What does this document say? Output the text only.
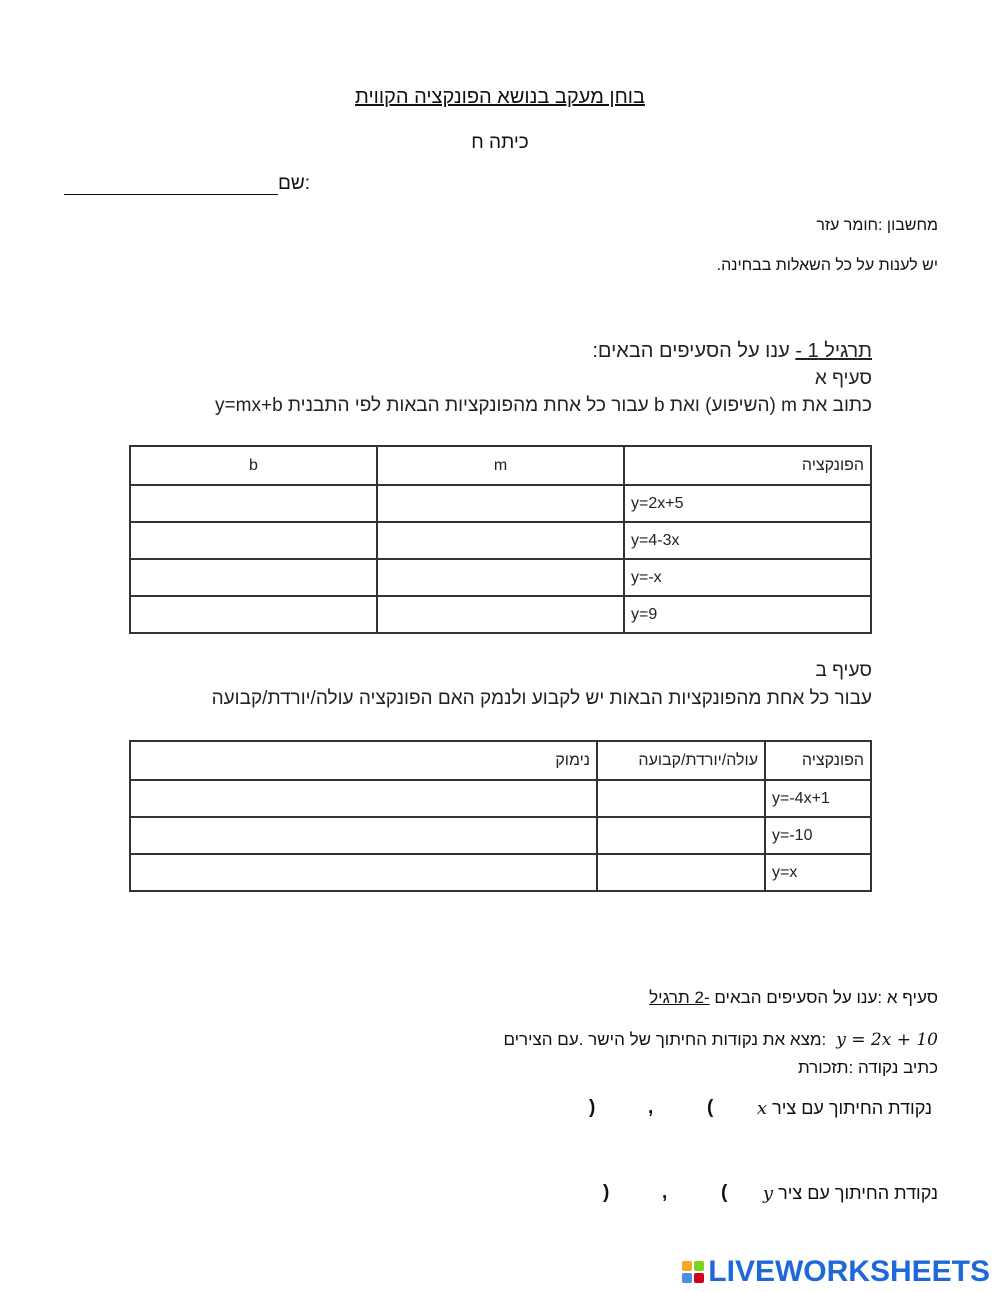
בוחן מעקב בנושא הפונקציה הקווית
כיתה ח
שם:
מחשבון :חומר עזר
.יש לענות על כל השאלות בבחינה
תרגיל 1 - ענו על הסעיפים הבאים:
סעיף א
כתוב את m (השיפוע) ואת b עבור כל אחת מהפונקציות הבאות לפי התבנית y=mx+b
הפונקציה	m	b
y=2x+5		
y=4-3x		
y=-x		
y=9		
סעיף ב
עבור כל אחת מהפונקציות הבאות יש לקבוע ולנמק האם הפונקציה עולה/יורדת/קבועה
הפונקציה	עולה/יורדת/קבועה	נימוק
y=-4x+1		
y=-10		
y=x		
סעיף א :ענו על הסעיפים הבאים -2 תרגיל
מצא את נקודות החיתוך של הישר .עם הצירים: y = 2x + 10
כתיב נקודה :תזכורת
x נקודת החיתוך עם ציר
)	,	(
y נקודת החיתוך עם ציר
)	,	(
LIVEWORKSHEETS
